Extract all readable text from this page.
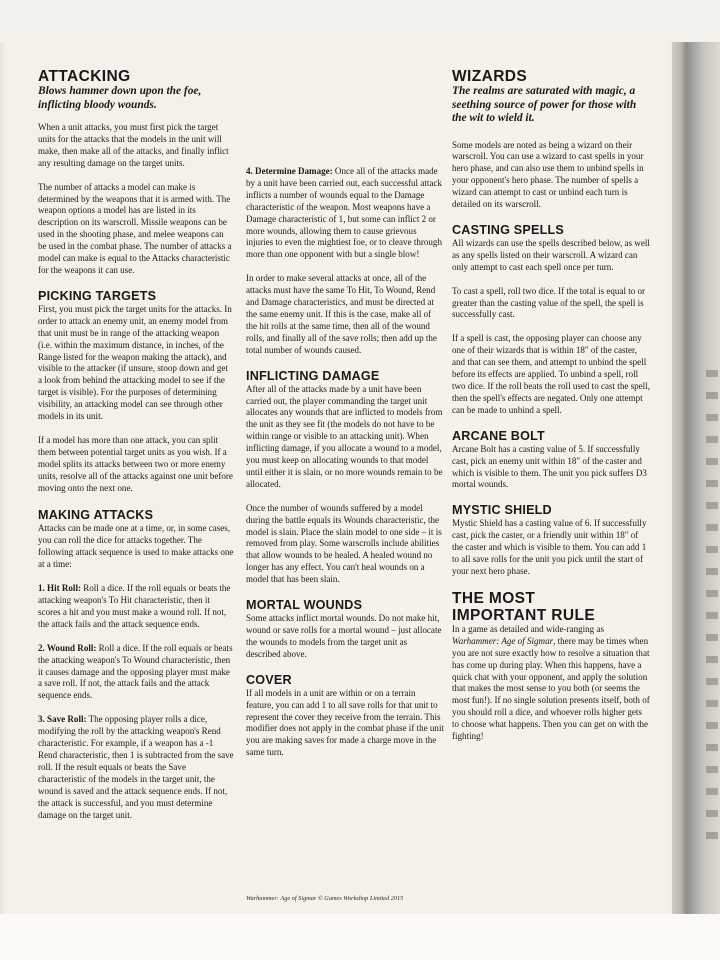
ATTACKING
Blows hammer down upon the foe, inflicting bloody wounds.

When a unit attacks, you must first pick the target units for the attacks that the models in the unit will make, then make all of the attacks, and finally inflict any resulting damage on the target units.

The number of attacks a model can make is determined by the weapons that it is armed with. The weapon options a model has are listed in its description on its warscroll. Missile weapons can be used in the shooting phase, and melee weapons can be used in the combat phase. The number of attacks a model can make is equal to the Attacks characteristic for the weapons it can use.

PICKING TARGETS

First, you must pick the target units for the attacks. In order to attack an enemy unit, an enemy model from that unit must be in range of the attacking weapon (i.e. within the maximum distance, in inches, of the Range listed for the weapon making the attack), and visible to the attacker (if unsure, stoop down and get a look from behind the attacking model to see if the target is visible). For the purposes of determining visibility, an attacking model can see through other models in its unit.

If a model has more than one attack, you can split them between potential target units as you wish. If a model splits its attacks between two or more enemy units, resolve all of the attacks against one unit before moving onto the next one.

MAKING ATTACKS

Attacks can be made one at a time, or, in some cases, you can roll the dice for attacks together. The following attack sequence is used to make attacks one at a time:

1. Hit Roll: Roll a dice. If the roll equals or beats the attacking weapon's To Hit characteristic, then it scores a hit and you must make a wound roll. If not, the attack fails and the attack sequence ends.

2. Wound Roll: Roll a dice. If the roll equals or beats the attacking weapon's To Wound characteristic, then it causes damage and the opposing player must make a save roll. If not, the attack fails and the attack sequence ends.

3. Save Roll: The opposing player rolls a dice, modifying the roll by the attacking weapon's Rend characteristic. For example, if a weapon has a -1 Rend characteristic, then 1 is subtracted from the save roll. If the result equals or beats the Save characteristic of the models in the target unit, the wound is saved and the attack sequence ends. If not, the attack is successful, and you must determine damage on the target unit.

4. Determine Damage: Once all of the attacks made by a unit have been carried out, each successful attack inflicts a number of wounds equal to the Damage characteristic of the weapon. Most weapons have a Damage characteristic of 1, but some can inflict 2 or more wounds, allowing them to cause grievous injuries to even the mightiest foe, or to cleave through more than one opponent with but a single blow!

In order to make several attacks at once, all of the attacks must have the same To Hit, To Wound, Rend and Damage characteristics, and must be directed at the same enemy unit. If this is the case, make all of the hit rolls at the same time, then all of the wound rolls, and finally all of the save rolls; then add up the total number of wounds caused.

INFLICTING DAMAGE

After all of the attacks made by a unit have been carried out, the player commanding the target unit allocates any wounds that are inflicted to models from the unit as they see fit (the models do not have to be within range or visible to an attacking unit). When inflicting damage, if you allocate a wound to a model, you must keep on allocating wounds to that model until either it is slain, or no more wounds remain to be allocated.

Once the number of wounds suffered by a model during the battle equals its Wounds characteristic, the model is slain. Place the slain model to one side – it is removed from play. Some warscrolls include abilities that allow wounds to be healed. A healed wound no longer has any effect. You can't heal wounds on a model that has been slain.

MORTAL WOUNDS

Some attacks inflict mortal wounds. Do not make hit, wound or save rolls for a mortal wound – just allocate the wounds to models from the target unit as described above.

COVER

If all models in a unit are within or on a terrain feature, you can add 1 to all save rolls for that unit to represent the cover they receive from the terrain. This modifier does not apply in the combat phase if the unit you are making saves for made a charge move in the same turn.

WIZARDS
The realms are saturated with magic, a seething source of power for those with the wit to wield it.

Some models are noted as being a wizard on their warscroll. You can use a wizard to cast spells in your hero phase, and can also use them to unbind spells in your opponent's hero phase. The number of spells a wizard can attempt to cast or unbind each turn is detailed on its warscroll.

CASTING SPELLS

All wizards can use the spells described below, as well as any spells listed on their warscroll. A wizard can only attempt to cast each spell once per turn.

To cast a spell, roll two dice. If the total is equal to or greater than the casting value of the spell, the spell is successfully cast.

If a spell is cast, the opposing player can choose any one of their wizards that is within 18" of the caster, and that can see them, and attempt to unbind the spell before its effects are applied. To unbind a spell, roll two dice. If the roll beats the roll used to cast the spell, then the spell's effects are negated. Only one attempt can be made to unbind a spell.

ARCANE BOLT

Arcane Bolt has a casting value of 5. If successfully cast, pick an enemy unit within 18" of the caster and which is visible to them. The unit you pick suffers D3 mortal wounds.

MYSTIC SHIELD

Mystic Shield has a casting value of 6. If successfully cast, pick the caster, or a friendly unit within 18" of the caster and which is visible to them. You can add 1 to all save rolls for the unit you pick until the start of your next hero phase.

THE MOST
IMPORTANT RULE

In a game as detailed and wide-ranging as Warhammer: Age of Sigmar, there may be times when you are not sure exactly how to resolve a situation that has come up during play. When this happens, have a quick chat with your opponent, and apply the solution that makes the most sense to you both (or seems the most fun!). If no single solution presents itself, both of you should roll a dice, and whoever rolls higher gets to choose what happens. Then you can get on with the fighting!

Warhammer: Age of Sigmar © Games Workshop Limited 2015
